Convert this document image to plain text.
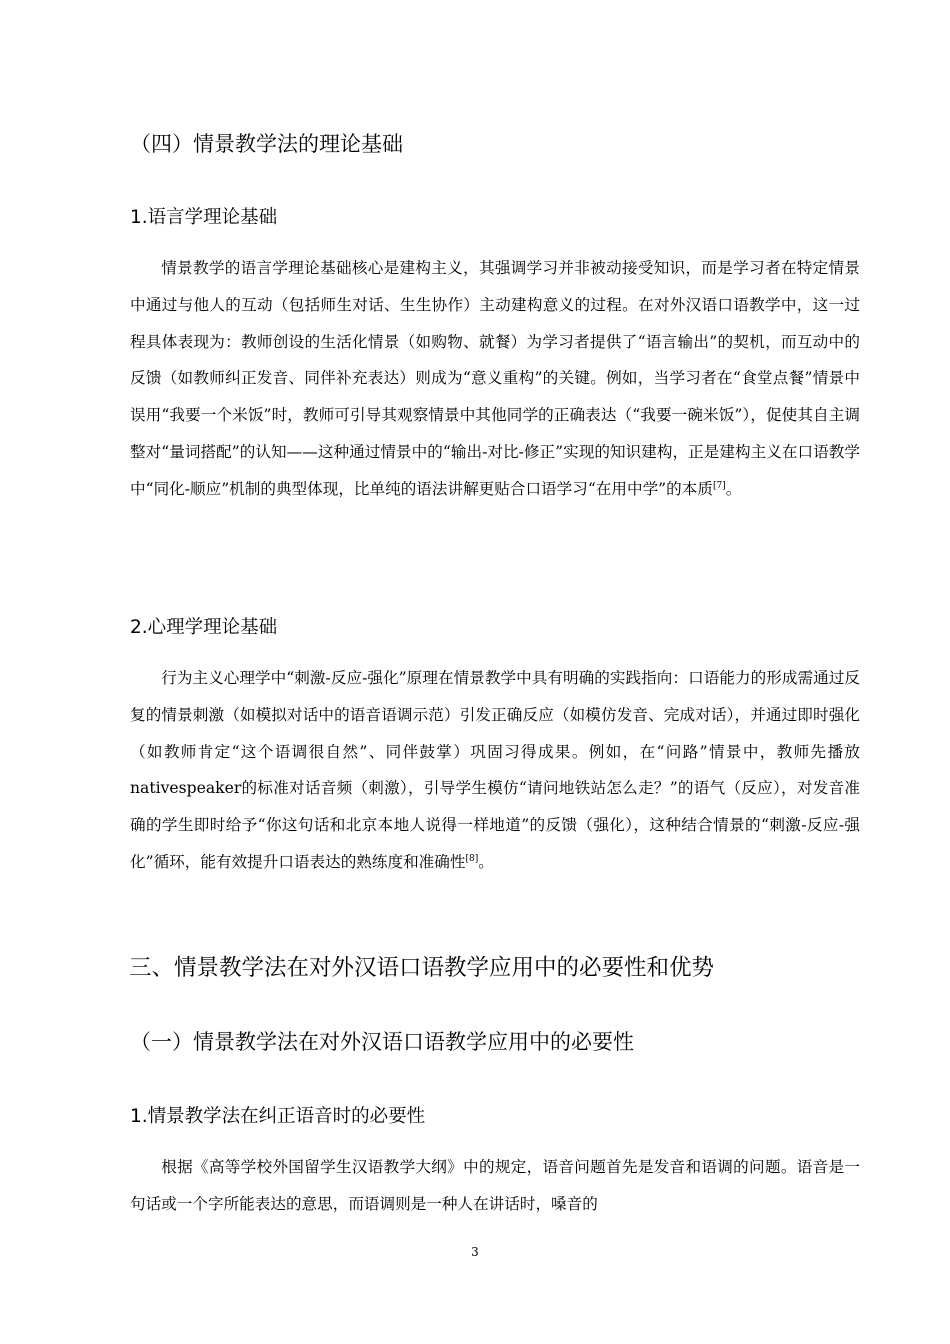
（四）情景教学法的理论基础
1.语言学理论基础

情景教学的语言学理论基础核心是建构主义，其强调学习并非被动接受知识，而是学习者在特定情景中通过与他人的互动（包括师生对话、生生协作）主动建构意义的过程。在对外汉语口语教学中，这一过程具体表现为：教师创设的生活化情景（如购物、就餐）为学习者提供了“语言输出”的契机，而互动中的反馈（如教师纠正发音、同伴补充表达）则成为“意义重构”的关键。例如，当学习者在“食堂点餐”情景中误用“我要一个米饭”时，教师可引导其观察情景中其他同学的正确表达（“我要一碗米饭”），促使其自主调整对“量词搭配”的认知——这种通过情景中的“输出-对比-修正”实现的知识建构，正是建构主义在口语教学中“同化-顺应”机制的典型体现，比单纯的语法讲解更贴合口语学习“在用中学”的本质[7]。

2.心理学理论基础

行为主义心理学中“刺激-反应-强化”原理在情景教学中具有明确的实践指向：口语能力的形成需通过反复的情景刺激（如模拟对话中的语音语调示范）引发正确反应（如模仿发音、完成对话），并通过即时强化（如教师肯定“这个语调很自然”、同伴鼓掌）巩固习得成果。例如，在“问路”情景中，教师先播放nativespeaker的标准对话音频（刺激），引导学生模仿“请问地铁站怎么走？”的语气（反应），对发音准确的学生即时给予“你这句话和北京本地人说得一样地道”的反馈（强化），这种结合情景的“刺激-反应-强化”循环，能有效提升口语表达的熟练度和准确性[8]。

三、情景教学法在对外汉语口语教学应用中的必要性和优势
（一）情景教学法在对外汉语口语教学应用中的必要性
1.情景教学法在纠正语音时的必要性

根据《高等学校外国留学生汉语教学大纲》中的规定，语音问题首先是发音和语调的问题。语音是一句话或一个字所能表达的意思，而语调则是一种人在讲话时，嗓音的

3
